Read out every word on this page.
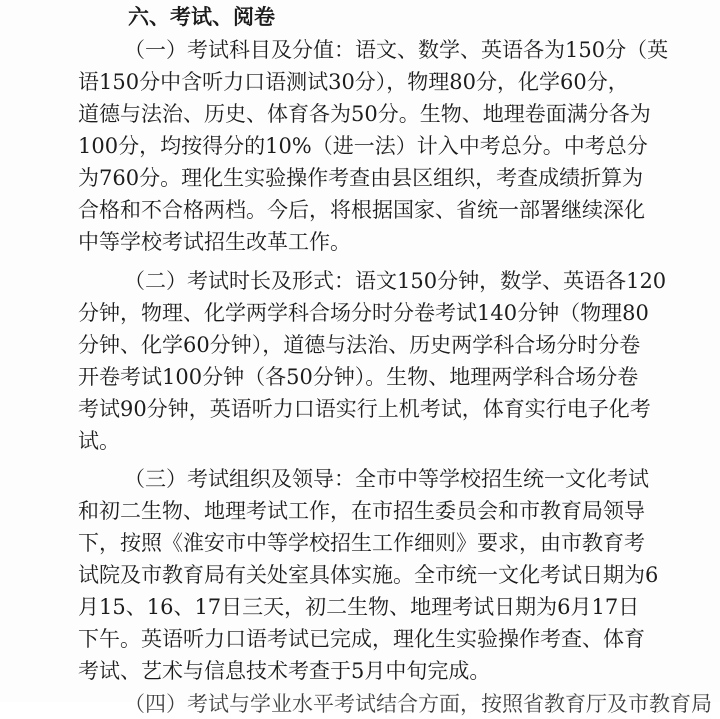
六、考试、阅卷
（一）考试科目及分值：语文、数学、英语各为150分（英
语150分中含听力口语测试30分），物理80分，化学60分，
道德与法治、历史、体育各为50分。生物、地理卷面满分各为
100分，均按得分的10%（进一法）计入中考总分。中考总分
为760分。理化生实验操作考查由县区组织，考查成绩折算为
合格和不合格两档。今后，将根据国家、省统一部署继续深化
中等学校考试招生改革工作。
（二）考试时长及形式：语文150分钟，数学、英语各120
分钟，物理、化学两学科合场分时分卷考试140分钟（物理80
分钟、化学60分钟），道德与法治、历史两学科合场分时分卷
开卷考试100分钟（各50分钟）。生物、地理两学科合场分卷
考试90分钟，英语听力口语实行上机考试，体育实行电子化考
试。
（三）考试组织及领导：全市中等学校招生统一文化考试
和初二生物、地理考试工作，在市招生委员会和市教育局领导
下，按照《淮安市中等学校招生工作细则》要求，由市教育考
试院及市教育局有关处室具体实施。全市统一文化考试日期为6
月15、16、17日三天，初二生物、地理考试日期为6月17日
下午。英语听力口语考试已完成，理化生实验操作考查、体育
考试、艺术与信息技术考查于5月中旬完成。
（四）考试与学业水平考试结合方面，按照省教育厅及市教育局
